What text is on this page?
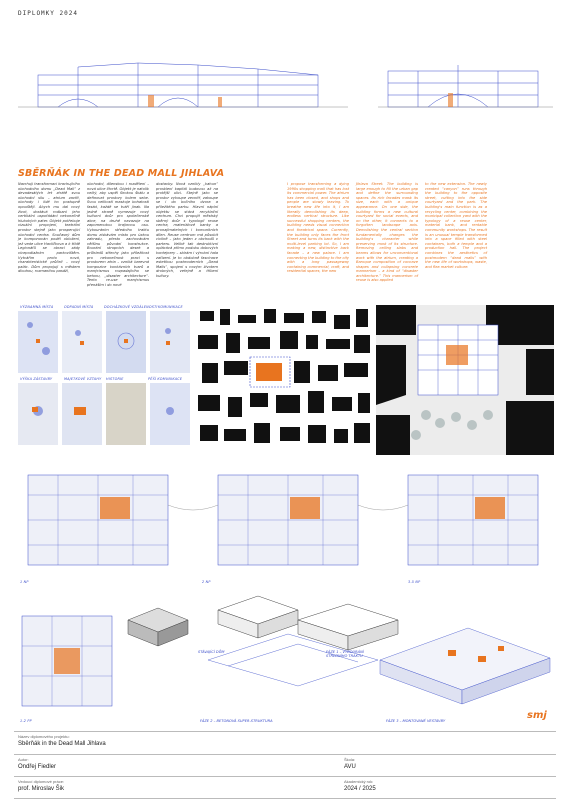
DIPLOMKY 2024
SBĚRŇÁK IN THE DEAD MALL JIHLAVA
Navrhuji transformaci krachujícího obchodního domu „Dead Mall“ z devadesátých let ztrátě svou obchodní silu – atrium zavřít, obchody i lidé ho postupně opouštějí. Abych mu dal nový život, dostává rodbaní jeho vertikální uspořádání nekonečně hlubokých pater. Objekt potřebuje vizuální propojení, teatrální prostor stejně jako prosperující obchodní centra. Současný dům je komponován podél obložení, jež vede ulice Havlíčkova a k třídě Legionářů se obrací zády vícepodlažním parkovištěm. Vytvářím proto nová, charakteristické průčelí – nový palác. Dům propojuji s městem dlouhou, rozmanitou pasáží,
obchodní, dílenskou i rozdělení – nová ulice čtvrtě. Objekt je natolik velký, aby uspěl širokou škálu a definovat prostory kolem sebe. Svou velikostí maskuje bohatosti fasád, každé se tváří jinak. Na jedné straně vymezuje nový kulturní dvůr pro společenské akce, na druhé navazuje na zapomenutou krajinnou osu. Vybouráním středního traktu domu získávám místo pro úzkou zahradu, přesto zachovávám většinu původní konstrukce. Bourání stropních desek a průhledů střechy jako příležitost pro nekonečnost prací s prostorem atria – vzniká barevná kompozice konkávních tvarů a manýrismus rozpadajícího se betonu, „disaster architecture“. Tento re-use manýrismus přenáším i do nové
dostavby. Nová vznikly „kahun“ prosklení kapitál budovou až na protější ulici. Stejně jako se prostor vykoupe zevnitř, zakoupe se i do bočního dvora a příležitého parku. Hlavní náplní objektu se stává recyklační centrum. Chci propojit městský sběrný dvůr s typologií reuse centra, materiálové banky a pronajímatelných i komunitních dílen. Reuse centrum má působit civilně – jako jeden z obchodů v parteru. Veliké tak destruktivní oplácává přímo podobu dobových kontejnery – sbírám i výrobní hala zařízení. Je to obdobně fascinace estetikou postmoderních „Dead Malls“, spojení s novým životem drobných, veřejně a tříbení kultury.
I propose transforming a dying 1990s shopping mall that has lost its commercial power. The atrium has been closed, and shops and people are slowly leaving. To breathe new life into it, I am literally demolishing its deep, endless vertical structure. Like successful shopping centers, the building needs visual connection and theatrical space. Currently, the building only faces the front Street and turns its back with the multi-level parking lot. So, I am making a new, distinctive back facade – a new palace. I am connecting the building to the city with a long passageway containing commercial, craft, and residential spaces, the new
Jihlava Street. The building is large enough to fill the urban gap and define the surrounding spaces. Its rich facades mask its size, each with a unique appearance. On one side, the building forms a new cultural courtyard for social events, and on the other, it connects to a forgotten landscape axis. Demolishing the central section fundamentally changes the building's character while preserving most of its structure. Removing ceiling slabs and beams allows for unconventional work with the atrium, creating a Baroque composition of concave shapes and collapsing concrete mannerism – a kind of “disaster architecture.” This mannerism of reuse is also applied
to the new extension. The newly created “canyon” runs through the building to the opposite street, cutting into the side courtyard and the park. The building's main function is as a recycling center, combining the municipal collection yard with the typology of a reuse center, material bank, and rentable community workshops. The result is an unusual temple transformed into a space filled with steel containers, both a temple and a production hall. The project combines the aesthetics of postmodern “dead malls” with the new life of workshops, waste, and flea market culture.
VÝZNAMNÁ MÍSTA	ODPADNÍ MÍSTA	DOCHÁZKOVÉ VZDÁLENOSTI KOMUNIKACE
VÝŠKA ZÁSTAVBY	MAJETKOVÉ VZTAHY HISTORIE	PĚŠÍ KOMUNIKACE
1 NP	2 NP	3-5 NP
1-2 PP
STÁVAJÍCÍ DŮM	FÁZE 1 – VYBOURÁNÍ STŘEDNÍHO TRAKTU
FÁZE 2 – BETONOVÁ SUPER-STRUKTURA	FÁZE 3 – MONTOVANÉ VESTAVBY	smj
Název diplomového projektu:
Sběrňák in the Dead Mall Jihlava
Autor:
Ondřej Fiedler
Škola:
AVU
Vedoucí diplomové práce:
prof. Miroslav Šik
Akademický rok:
2024 / 2025
